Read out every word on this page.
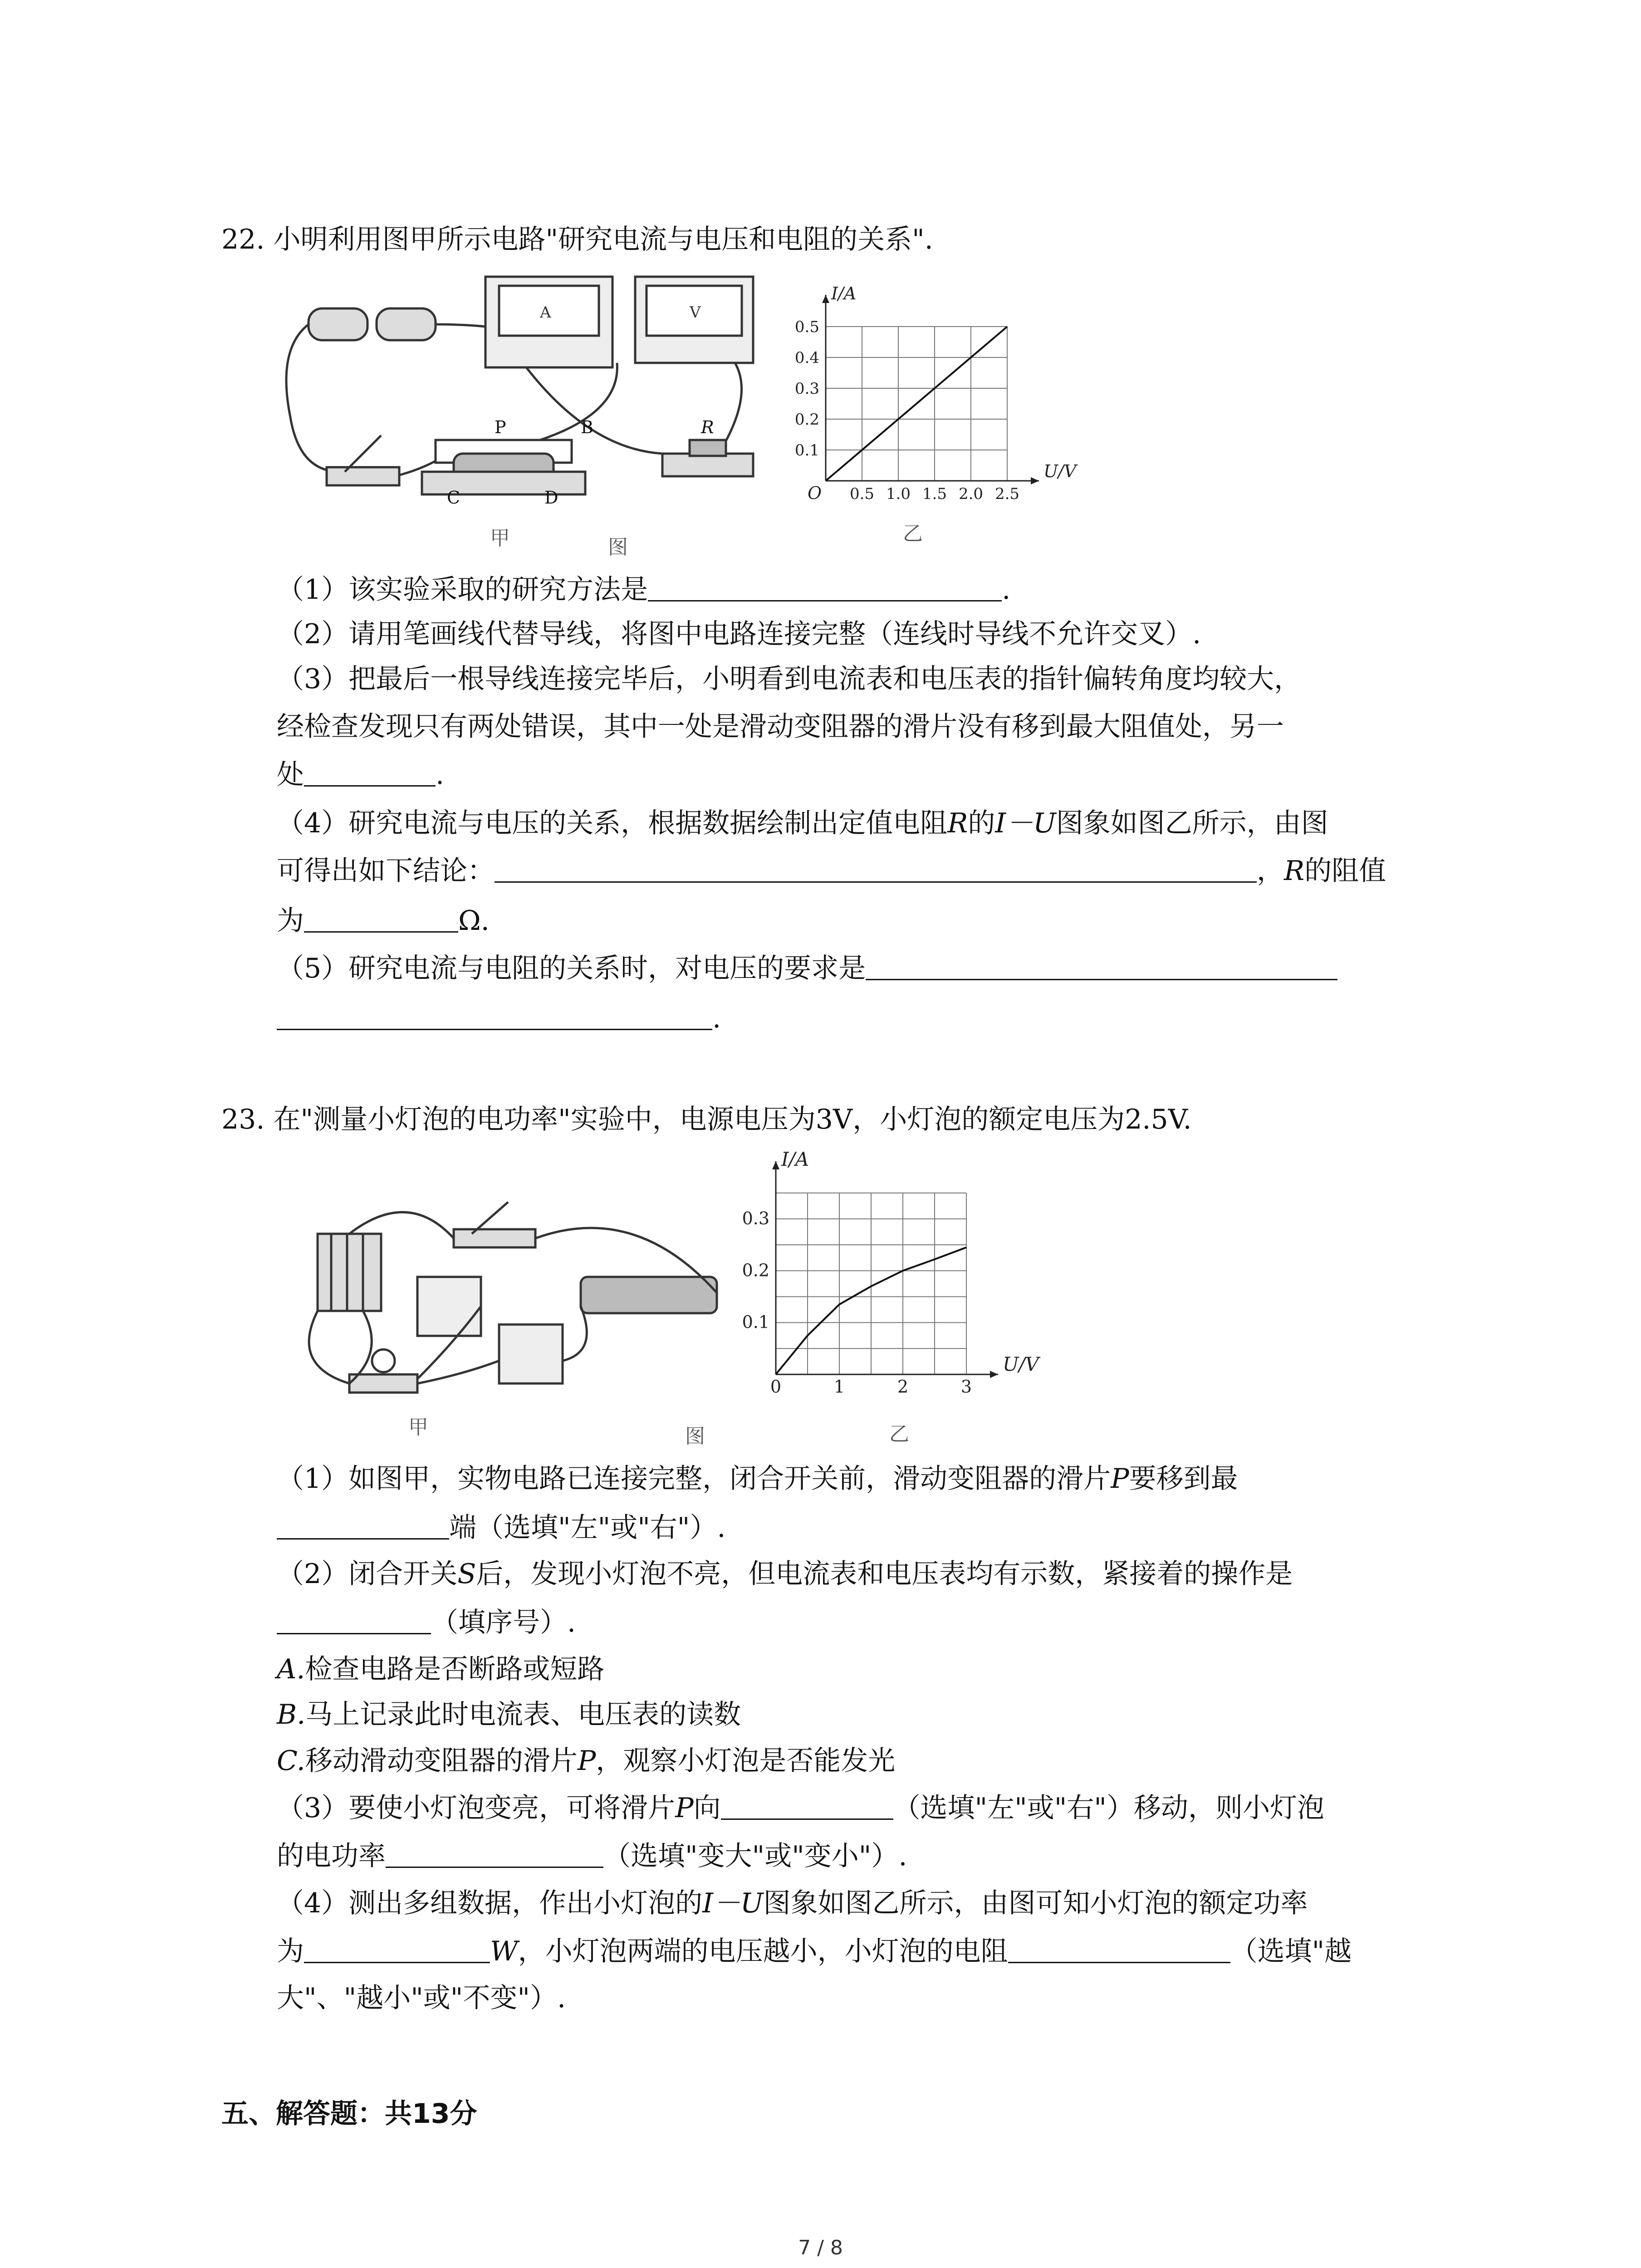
22. 小明利用图甲所示电路"研究电流与电压和电阻的关系".
A	V
P	B
C	D
R
甲	图
0.5 1.0 1.5 2.0 2.5
0.1
0.2
0.3
0.4
0.5
U/V
I/A
O
乙
（1）该实验采取的研究方法是	.
（2）请用笔画线代替导线，将图中电路连接完整（连线时导线不允许交叉）.
（3）把最后一根导线连接完毕后，小明看到电流表和电压表的指针偏转角度均较大，
经检查发现只有两处错误，其中一处是滑动变阻器的滑片没有移到最大阻值处，另一
处	.
（4）研究电流与电压的关系，根据数据绘制出定值电阻R的I－U图象如图乙所示，由图
可得出如下结论：	，R的阻值
为	Ω.
（5）研究电流与电阻的关系时，对电压的要求是
.
23. 在"测量小灯泡的电功率"实验中，电源电压为3V，小灯泡的额定电压为2.5V.
甲	图
0	1	2	3
0.1
0.2
0.3
U/V
I/A
乙
（1）如图甲，实物电路已连接完整，闭合开关前，滑动变阻器的滑片P要移到最
端（选填"左"或"右"）.
（2）闭合开关S后，发现小灯泡不亮，但电流表和电压表均有示数，紧接着的操作是
（填序号）.
A.检查电路是否断路或短路
B.马上记录此时电流表、电压表的读数
C.移动滑动变阻器的滑片P，观察小灯泡是否能发光
（3）要使小灯泡变亮，可将滑片P向	（选填"左"或"右"）移动，则小灯泡
的电功率	（选填"变大"或"变小"）.
（4）测出多组数据，作出小灯泡的I－U图象如图乙所示，由图可知小灯泡的额定功率
为	W，小灯泡两端的电压越小，小灯泡的电阻	（选填"越
大"、"越小"或"不变"）.
五、解答题：共13分
7 / 8
